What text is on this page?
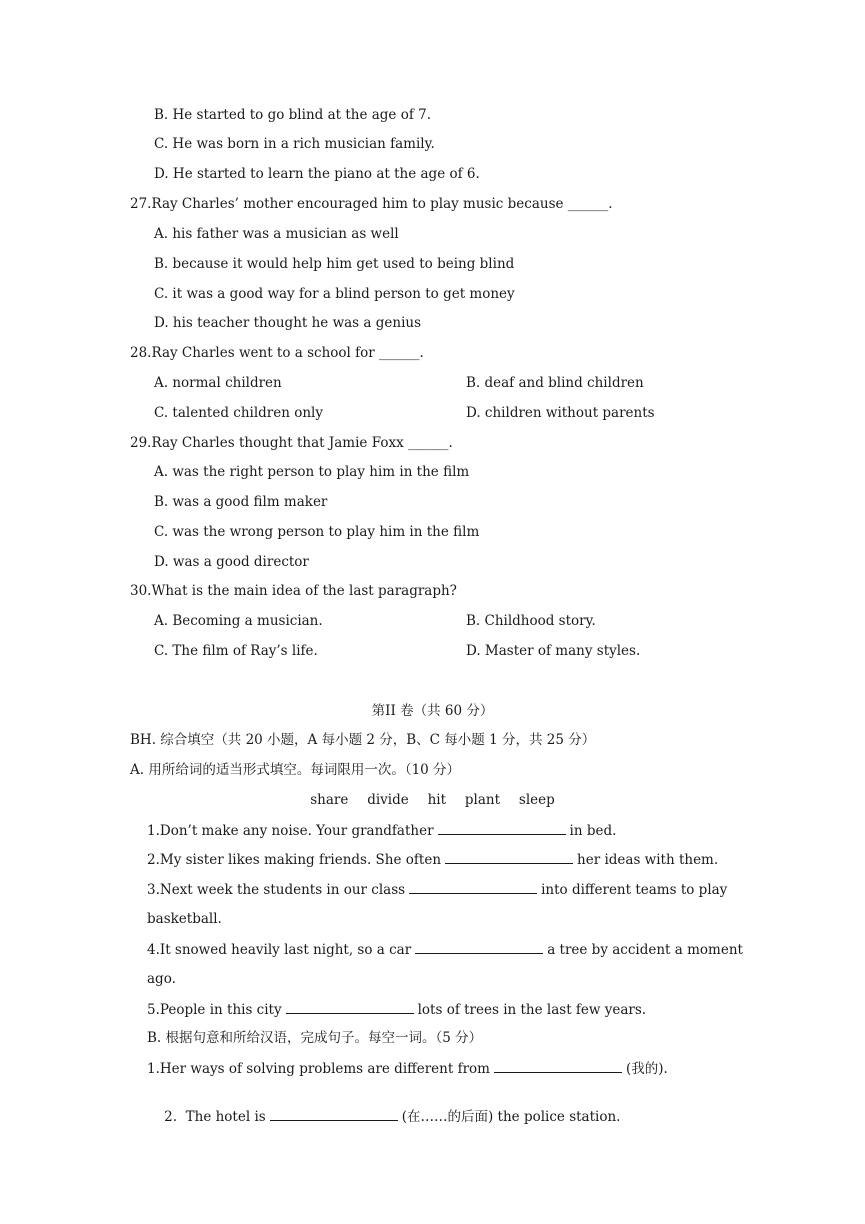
B. He started to go blind at the age of 7.
C. He was born in a rich musician family.
D. He started to learn the piano at the age of 6.
27.Ray Charles’ mother encouraged him to play music because ______.
A. his father was a musician as well
B. because it would help him get used to being blind
C. it was a good way for a blind person to get money
D. his teacher thought he was a genius
28.Ray Charles went to a school for ______.
A. normal children	B. deaf and blind children
C. talented children only	D. children without parents
29.Ray Charles thought that Jamie Foxx ______.
A. was the right person to play him in the film
B. was a good film maker
C. was the wrong person to play him in the film
D. was a good director
30.What is the main idea of the last paragraph?
A. Becoming a musician.	B. Childhood story.
C. The film of Ray’s life.	D. Master of many styles.
第II 卷（共 60 分）
BH. 综合填空（共 20 小题，A 每小题 2 分，B、C 每小题 1 分，共 25 分）
A. 用所给词的适当形式填空。每词限用一次。（10 分）
share   divide   hit   plant   sleep
1.Don’t make any noise. Your grandfather	in bed.
2.My sister likes making friends. She often	her ideas with them.
3.Next week the students in our class	into different teams to play
basketball.
4.It snowed heavily last night, so a car	a tree by accident a moment
ago.
5.People in this city	lots of trees in the last few years.
B. 根据句意和所给汉语，完成句子。每空一词。（5 分）
1.Her ways of solving problems are different from	(我的).

2.  The hotel is	(在……的后面) the police station.
